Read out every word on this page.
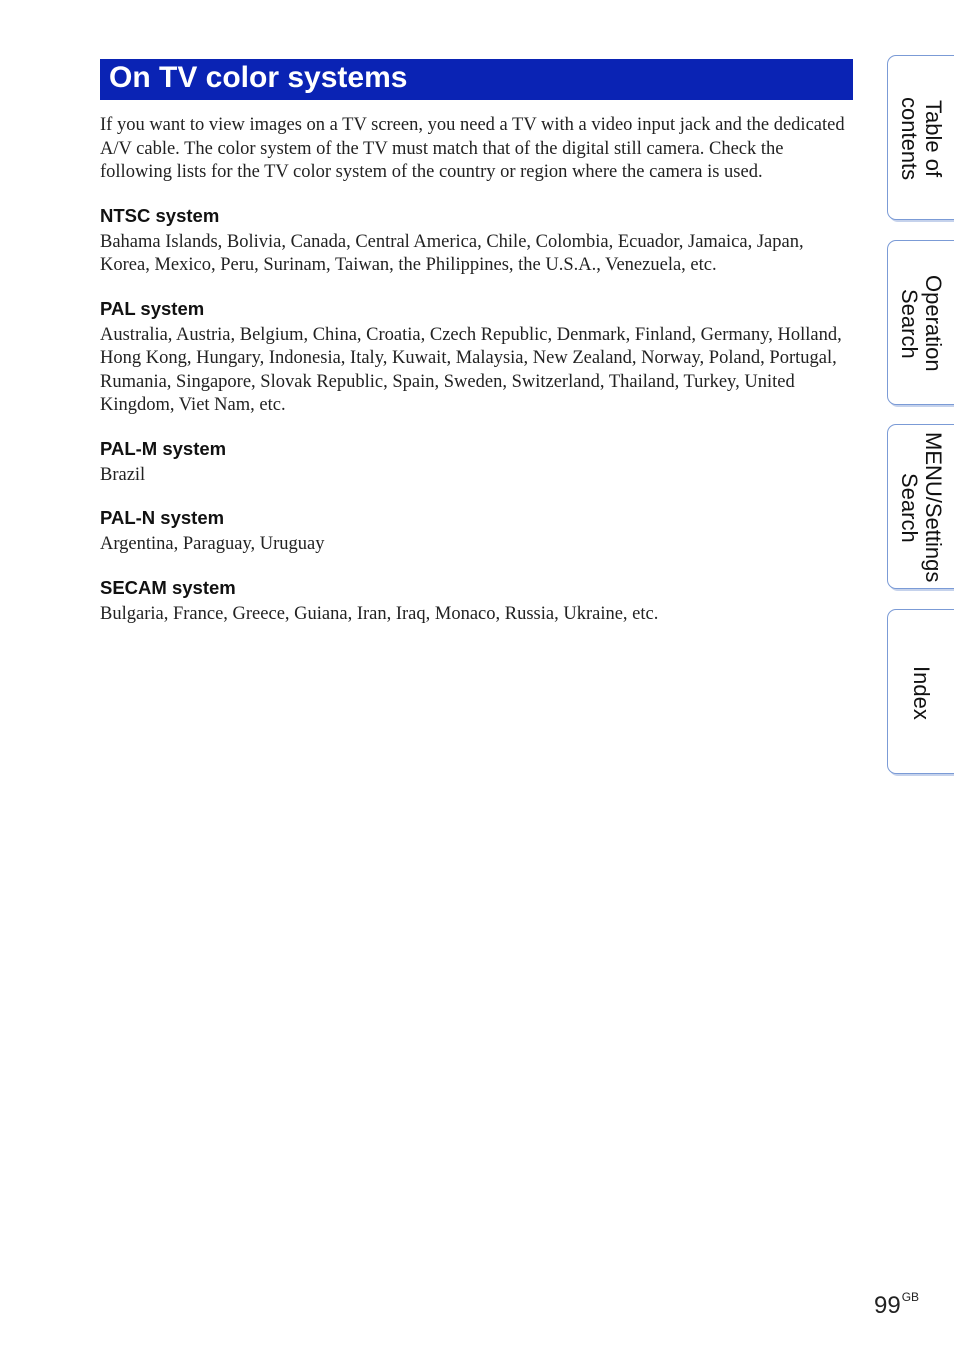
On TV color systems

If you want to view images on a TV screen, you need a TV with a video input jack and the dedicated A/V cable. The color system of the TV must match that of the digital still camera. Check the following lists for the TV color system of the country or region where the camera is used.

NTSC system

Bahama Islands, Bolivia, Canada, Central America, Chile, Colombia, Ecuador, Jamaica, Japan, Korea, Mexico, Peru, Surinam, Taiwan, the Philippines, the U.S.A., Venezuela, etc.

PAL system

Australia, Austria, Belgium, China, Croatia, Czech Republic, Denmark, Finland, Germany, Holland, Hong Kong, Hungary, Indonesia, Italy, Kuwait, Malaysia, New Zealand, Norway, Poland, Portugal, Rumania, Singapore, Slovak Republic, Spain, Sweden, Switzerland, Thailand, Turkey, United Kingdom, Viet Nam, etc.

PAL-M system

Brazil

PAL-N system

Argentina, Paraguay, Uruguay

SECAM system

Bulgaria, France, Greece, Guiana, Iran, Iraq, Monaco, Russia, Ukraine, etc.

Table of
contents
Operation
Search
MENU/Settings
Search
Index
$99^{GB}$
